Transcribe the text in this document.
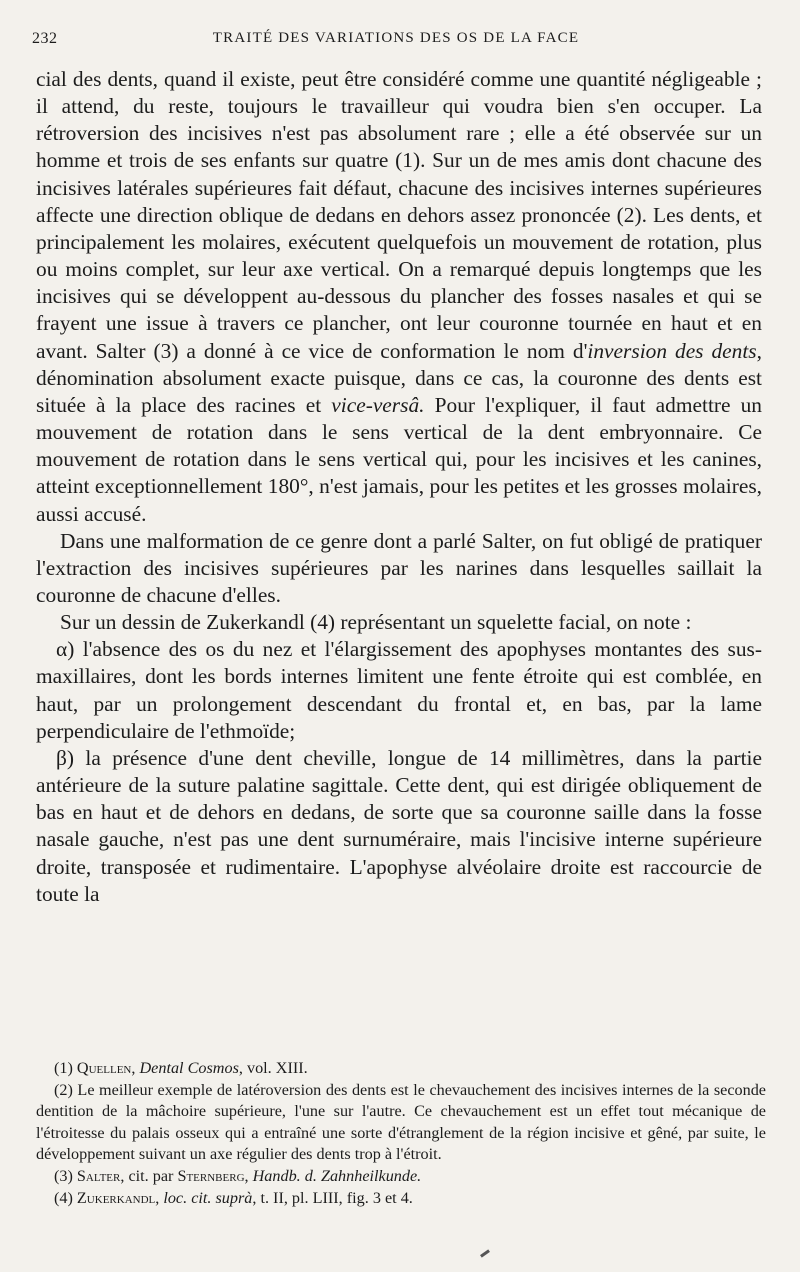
232	TRAITÉ DES VARIATIONS DES OS DE LA FACE

cial des dents, quand il existe, peut être considéré comme une quantité négligeable ; il attend, du reste, toujours le travailleur qui voudra bien s'en occuper. La rétroversion des incisives n'est pas absolument rare ; elle a été observée sur un homme et trois de ses enfants sur quatre (1). Sur un de mes amis dont chacune des incisives latérales supérieures fait défaut, chacune des incisives internes supérieures affecte une direction oblique de dedans en dehors assez prononcée (2). Les dents, et principalement les molaires, exécutent quelquefois un mouvement de rotation, plus ou moins complet, sur leur axe vertical. On a remarqué depuis longtemps que les incisives qui se développent au-dessous du plancher des fosses nasales et qui se frayent une issue à travers ce plancher, ont leur couronne tournée en haut et en avant. Salter (3) a donné à ce vice de conformation le nom d'inversion des dents, dénomination absolument exacte puisque, dans ce cas, la couronne des dents est située à la place des racines et vice-versâ. Pour l'expliquer, il faut admettre un mouvement de rotation dans le sens vertical de la dent embryonnaire. Ce mouvement de rotation dans le sens vertical qui, pour les incisives et les canines, atteint exceptionnellement 180°, n'est jamais, pour les petites et les grosses molaires, aussi accusé.

Dans une malformation de ce genre dont a parlé Salter, on fut obligé de pratiquer l'extraction des incisives supérieures par les narines dans lesquelles saillait la couronne de chacune d'elles.

Sur un dessin de Zukerkandl (4) représentant un squelette facial, on note :

α) l'absence des os du nez et l'élargissement des apophyses montantes des sus-maxillaires, dont les bords internes limitent une fente étroite qui est comblée, en haut, par un prolongement descendant du frontal et, en bas, par la lame perpendiculaire de l'ethmoïde;

β) la présence d'une dent cheville, longue de 14 millimètres, dans la partie antérieure de la suture palatine sagittale. Cette dent, qui est dirigée obliquement de bas en haut et de dehors en dedans, de sorte que sa couronne saille dans la fosse nasale gauche, n'est pas une dent surnuméraire, mais l'incisive interne supérieure droite, transposée et rudimentaire. L'apophyse alvéolaire droite est raccourcie de toute la

(1) Quellen, Dental Cosmos, vol. XIII.

(2) Le meilleur exemple de latéroversion des dents est le chevauchement des incisives internes de la seconde dentition de la mâchoire supérieure, l'une sur l'autre. Ce chevauchement est un effet tout mécanique de l'étroitesse du palais osseux qui a entraîné une sorte d'étranglement de la région incisive et gêné, par suite, le développement suivant un axe régulier des dents trop à l'étroit.

(3) Salter, cit. par Sternberg, Handb. d. Zahnheilkunde.

(4) Zukerkandl, loc. cit. suprà, t. II, pl. LIII, fig. 3 et 4.
